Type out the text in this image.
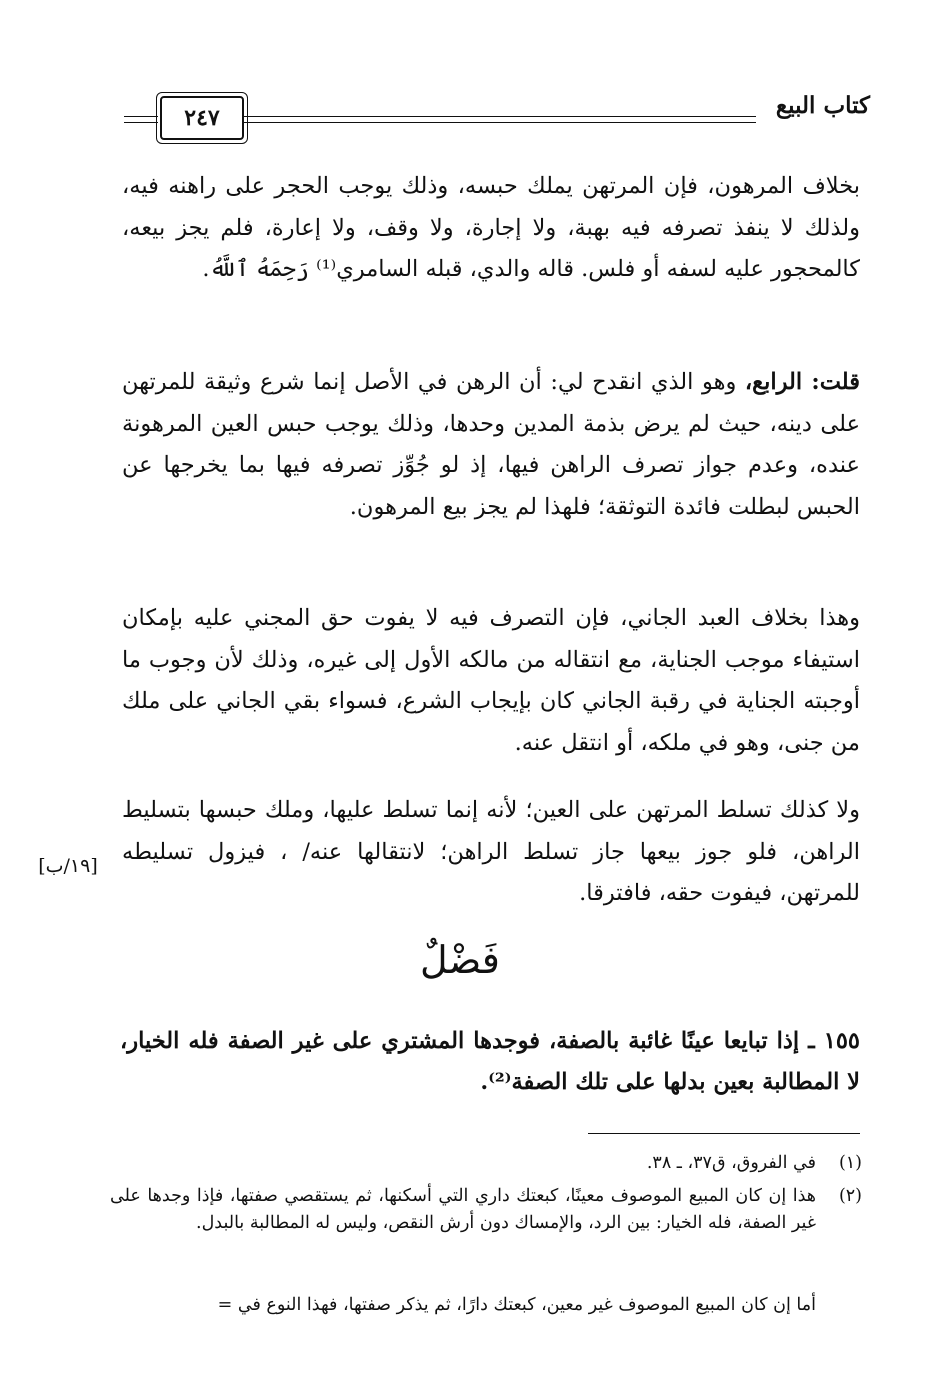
كتاب البيع
٢٤٧

بخلاف المرهون، فإن المرتهن يملك حبسه، وذلك يوجب الحجر على راهنه فيه، ولذلك لا ينفذ تصرفه فيه بهبة، ولا إجارة، ولا وقف، ولا إعارة، فلم يجز بيعه، كالمحجور عليه لسفه أو فلس. قاله والدي، قبله السامري⁽¹⁾ رَحِمَهُ ٱللَّهُ.

قلت: الرابع، وهو الذي انقدح لي: أن الرهن في الأصل إنما شرع وثيقة للمرتهن على دينه، حيث لم يرض بذمة المدين وحدها، وذلك يوجب حبس العين المرهونة عنده، وعدم جواز تصرف الراهن فيها، إذ لو جُوِّز تصرفه فيها بما يخرجها عن الحبس لبطلت فائدة التوثقة؛ فلهذا لم يجز بيع المرهون.

وهذا بخلاف العبد الجاني، فإن التصرف فيه لا يفوت حق المجني عليه بإمكان استيفاء موجب الجناية، مع انتقاله من مالكه الأول إلى غيره، وذلك لأن وجوب ما أوجبته الجناية في رقبة الجاني كان بإيجاب الشرع، فسواء بقي الجاني على ملك من جنى، وهو في ملكه، أو انتقل عنه.

ولا كذلك تسلط المرتهن على العين؛ لأنه إنما تسلط عليها، وملك حبسها بتسليط الراهن، فلو جوز بيعها جاز تسلط الراهن؛ لانتقالها عنه/ ، فيزول تسليطه للمرتهن، فيفوت حقه، فافترقا.

[١٩/ب]
فَضْلٌ
١٥٥ ـ إذا تبايعا عينًا غائبة بالصفة، فوجدها المشتري على غير الصفة فله الخيار، لا المطالبة بعين بدلها على تلك الصفة⁽²⁾.
(١)
في الفروق، ق٣٧، ـ ٣٨.
(٢)
هذا إن كان المبيع الموصوف معينًا، كبعتك داري التي أسكنها، ثم يستقصي صفتها، فإذا وجدها على غير الصفة، فله الخيار: بين الرد، والإمساك دون أرش النقص، وليس له المطالبة بالبدل.
أما إن كان المبيع الموصوف غير معين، كبعتك دارًا، ثم يذكر صفتها، فهذا النوع في =
